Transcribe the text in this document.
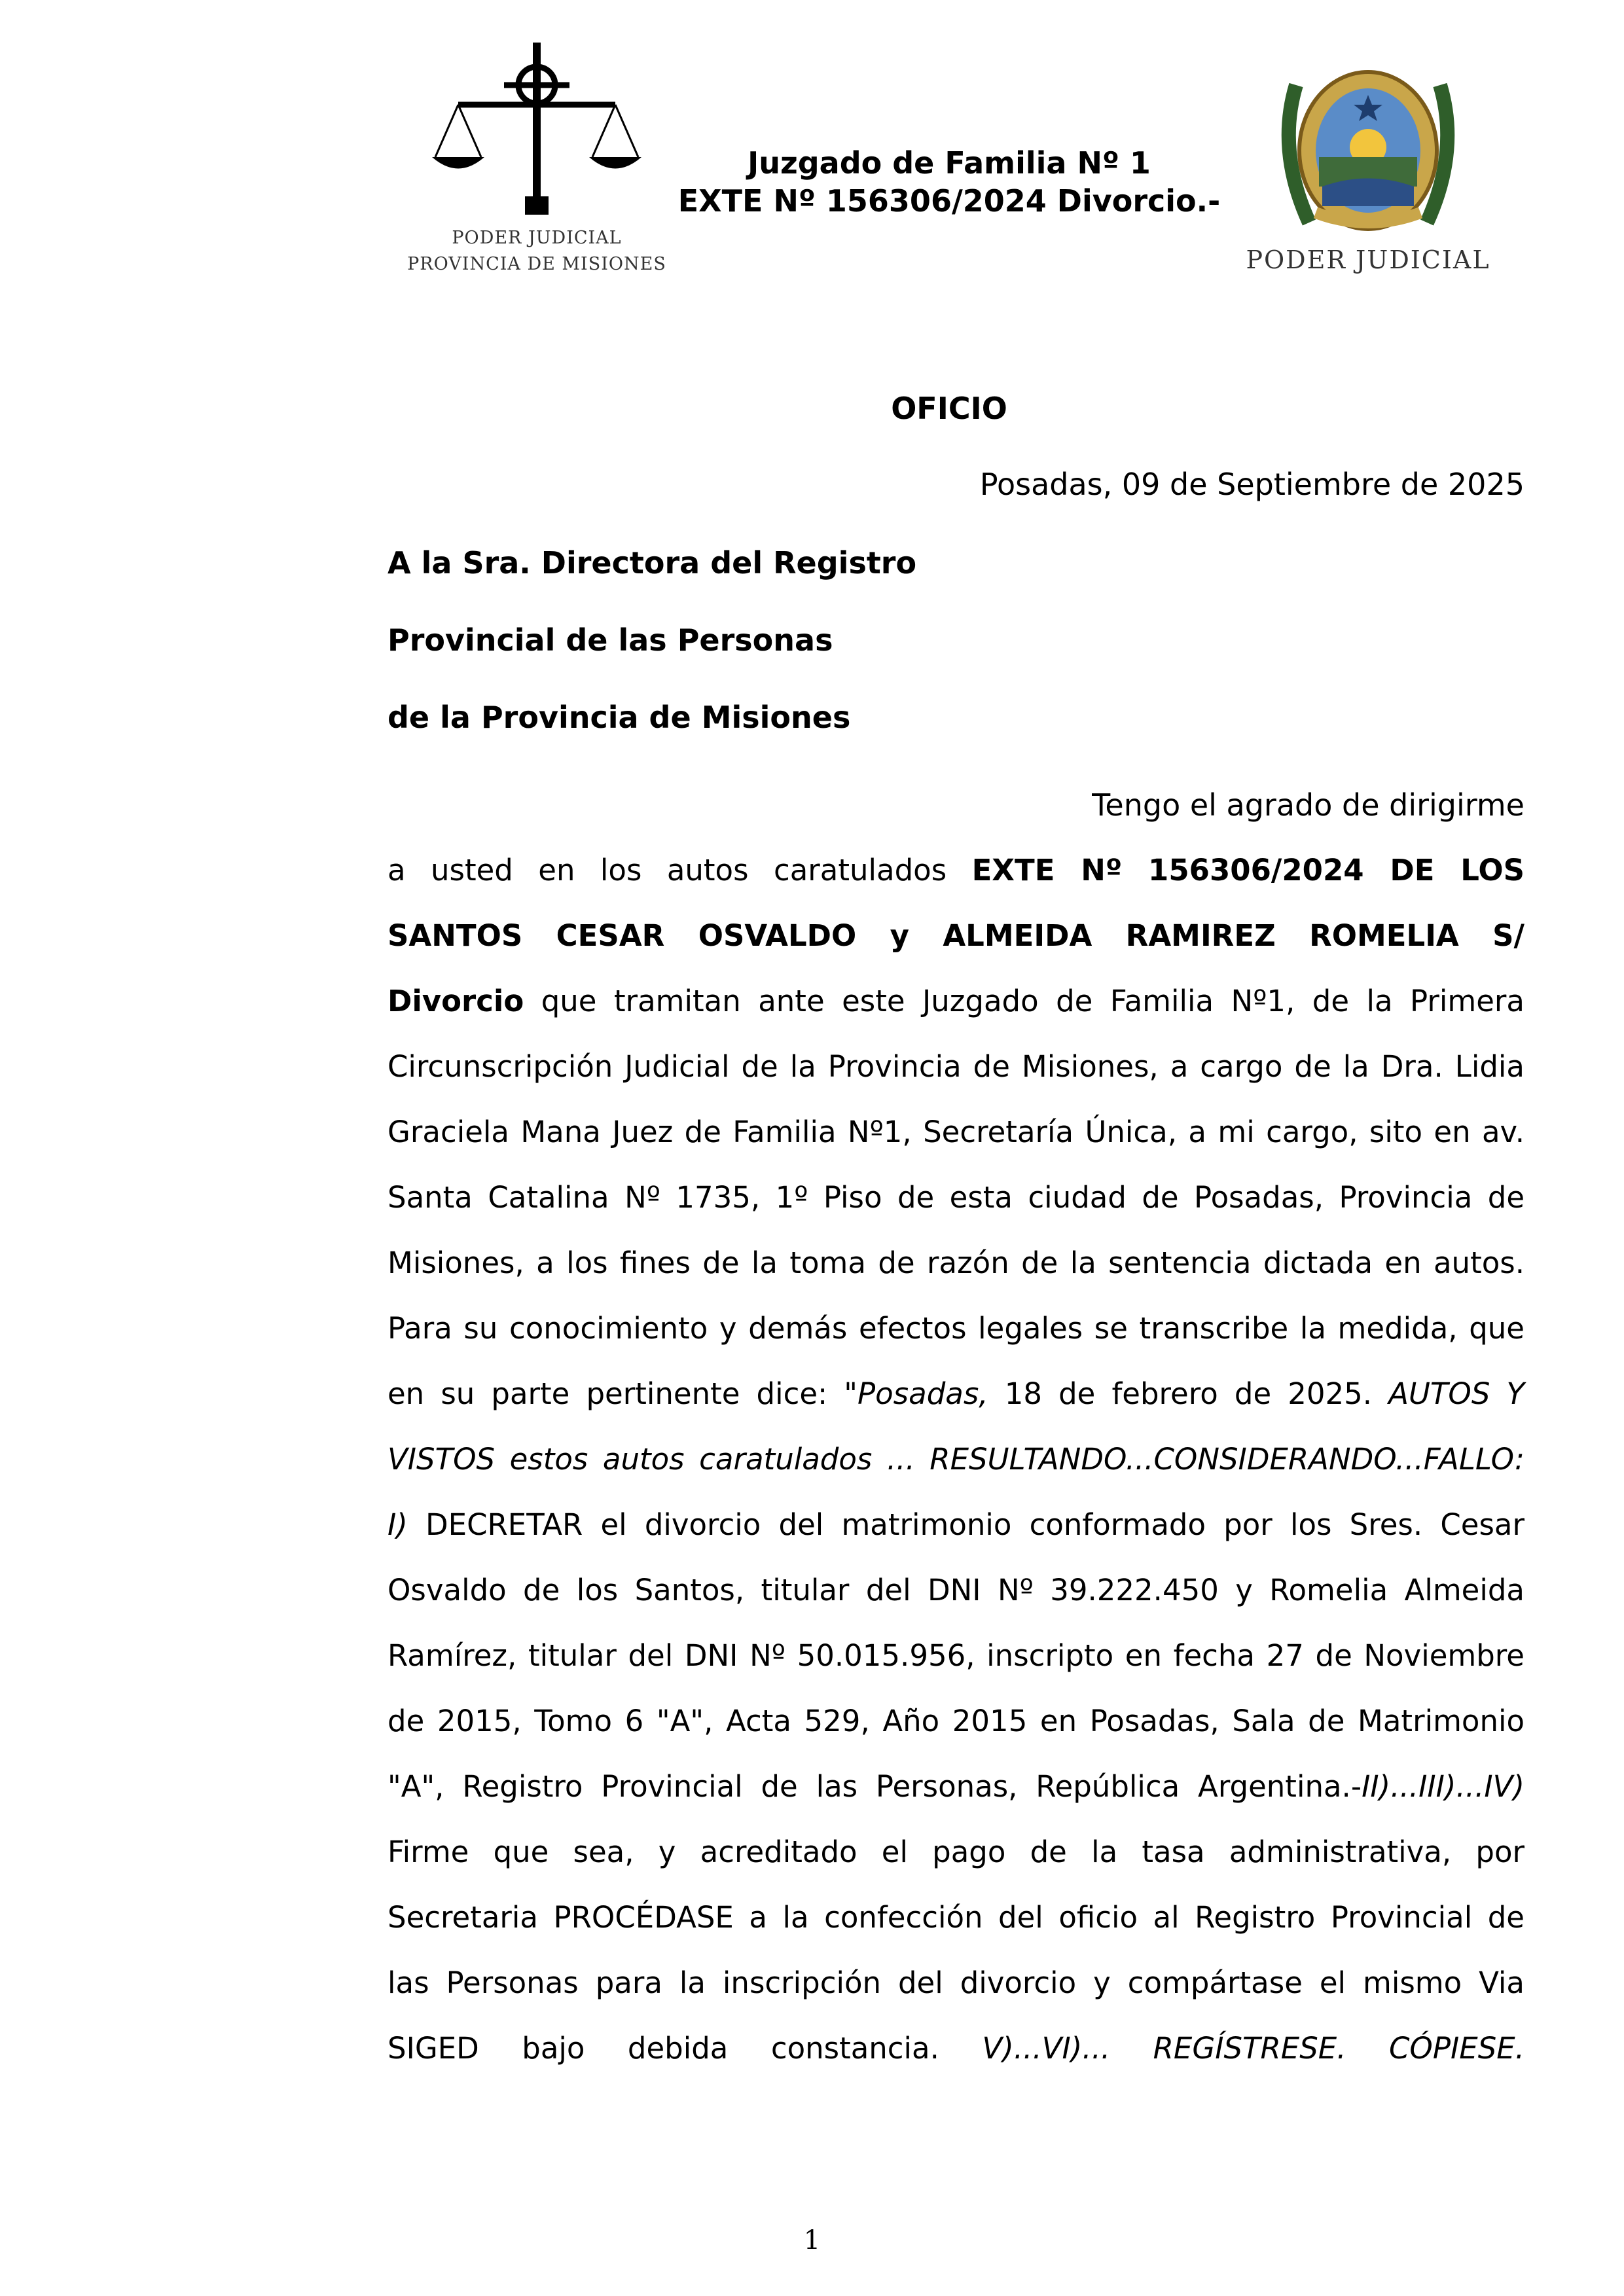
PODER JUDICIAL
PROVINCIA DE MISIONES	PODER JUDICIAL
Juzgado de Familia Nº 1
EXTE Nº 156306/2024 Divorcio.-
OFICIO
Posadas, 09 de Septiembre de 2025
A la Sra. Directora del Registro
Provincial de las Personas
de la Provincia de Misiones
Tengo el agrado de dirigirme
a usted en los autos caratulados EXTE Nº 156306/2024 DE LOS
SANTOS CESAR OSVALDO y ALMEIDA RAMIREZ ROMELIA S/
Divorcio que tramitan ante este Juzgado de Familia Nº1, de la Primera
Circunscripción Judicial de la Provincia de Misiones, a cargo de la Dra. Lidia
Graciela Mana Juez de Familia Nº1, Secretaría Única, a mi cargo, sito en av.
Santa Catalina Nº 1735, 1º Piso de esta ciudad de Posadas, Provincia de
Misiones, a los fines de la toma de razón de la sentencia dictada en autos.
Para su conocimiento y demás efectos legales se transcribe la medida, que
en su parte pertinente dice: "Posadas, 18 de febrero de 2025. AUTOS Y
VISTOS estos autos caratulados ... RESULTANDO...CONSIDERANDO...FALLO:
I) DECRETAR el divorcio del matrimonio conformado por los Sres. Cesar
Osvaldo de los Santos, titular del DNI Nº 39.222.450 y Romelia Almeida
Ramírez, titular del DNI Nº 50.015.956, inscripto en fecha 27 de Noviembre
de 2015, Tomo 6 "A", Acta 529, Año 2015 en Posadas, Sala de Matrimonio
"A", Registro Provincial de las Personas, República Argentina.-II)...III)...IV)
Firme que sea, y acreditado el pago de la tasa administrativa, por
Secretaria PROCÉDASE a la confección del oficio al Registro Provincial de
las Personas para la inscripción del divorcio y compártase el mismo Via
SIGED bajo debida constancia. V)...VI)... REGÍSTRESE. CÓPIESE.
1
